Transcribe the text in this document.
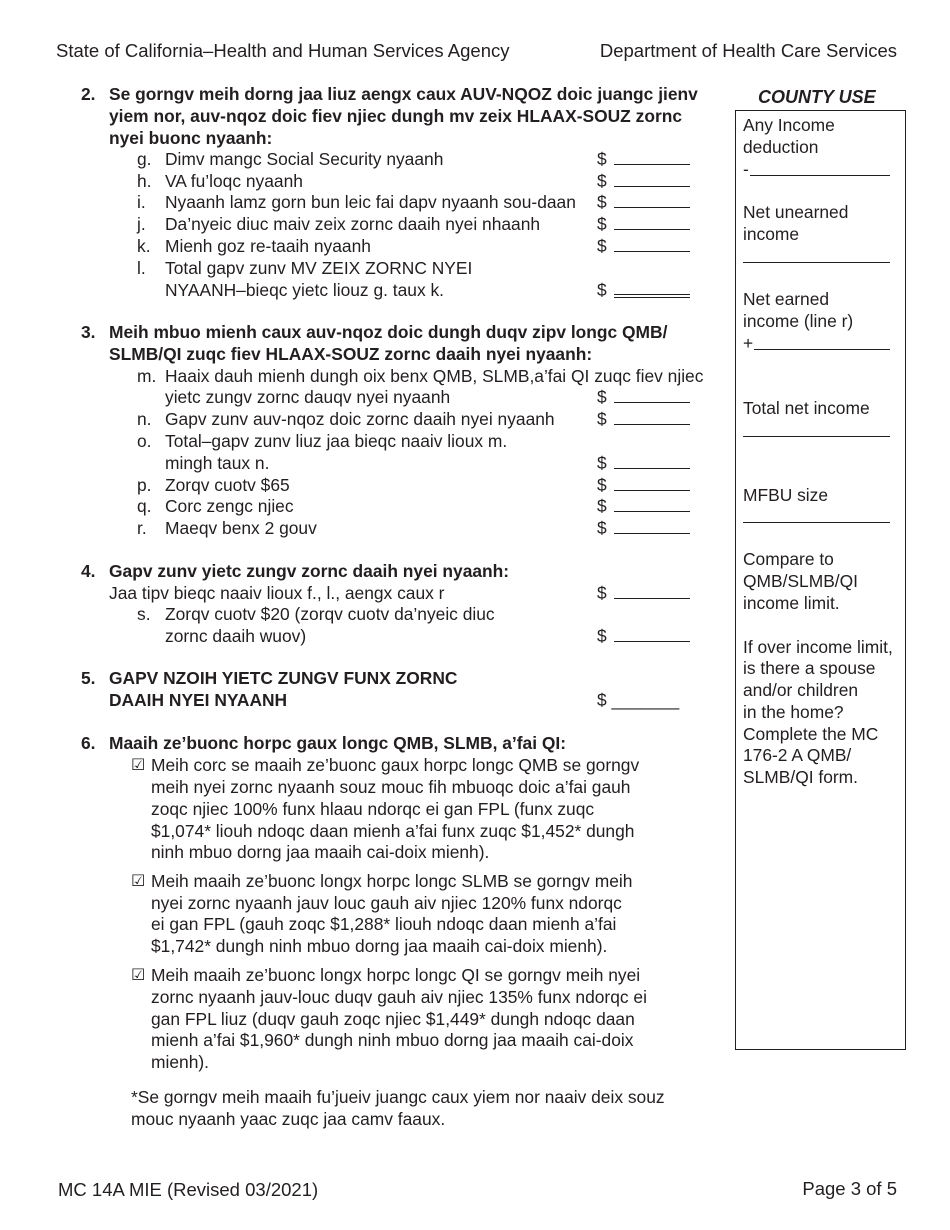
State of California–Health and Human Services Agency	Department of Health Care Services
2. Se gorngv meih dorng jaa liuz aengx caux AUV-NQOZ doic juangc jienv
yiem nor, auv-nqoz doic fiev njiec dungh mv zeix HLAAX-SOUZ zornc
nyei buonc nyaanh:
g. Dimv mangc Social Security nyaanh	$
h. VA fu’loqc nyaanh	$
i. Nyaanh lamz gorn bun leic fai dapv nyaanh sou-daan $
j. Da’nyeic diuc maiv zeix zornc daaih nyei nhaanh	$
k. Mienh goz re-taaih nyaanh	$
l. Total gapv zunv MV ZEIX ZORNC NYEI
NYAANH–bieqc yietc liouz g. taux k.	$
3. Meih mbuo mienh caux auv-nqoz doic dungh duqv zipv longc QMB/
SLMB/QI zuqc fiev HLAAX-SOUZ zornc daaih nyei nyaanh:
m. Haaix dauh mienh dungh oix benx QMB, SLMB,a’fai QI zuqc fiev njiec
yietc zungv zornc dauqv nyei nyaanh	$
n. Gapv zunv auv-nqoz doic zornc daaih nyei nyaanh $
o. Total–gapv zunv liuz jaa bieqc naaiv lioux m.
mingh taux n.	$
p. Zorqv cuotv $65	$
q. Corc zengc njiec	$
r. Maeqv benx 2 gouv	$
4. Gapv zunv yietc zungv zornc daaih nyei nyaanh:
Jaa tipv bieqc naaiv lioux f., l., aengx caux r	$
s. Zorqv cuotv $20 (zorqv cuotv da’nyeic diuc
zornc daaih wuov)	$
5. GAPV NZOIH YIETC ZUNGV FUNX ZORNC
DAAIH NYEI NYAANH	$ _______
6. Maaih ze’buonc horpc gaux longc QMB, SLMB, a’fai QI:
☑ Meih corc se maaih ze’buonc gaux horpc longc QMB se gorngv
meih nyei zornc nyaanh souz mouc fih mbuoqc doic a’fai gauh
zoqc njiec 100% funx hlaau ndorqc ei gan FPL (funx zuqc
$1,074* liouh ndoqc daan mienh a’fai funx zuqc $1,452* dungh
ninh mbuo dorng jaa maaih cai-doix mienh).
☑ Meih maaih ze’buonc longx horpc longc SLMB se gorngv meih
nyei zornc nyaanh jauv louc gauh aiv njiec 120% funx ndorqc
ei gan FPL (gauh zoqc $1,288* liouh ndoqc daan mienh a’fai
$1,742* dungh ninh mbuo dorng jaa maaih cai-doix mienh).
☑ Meih maaih ze’buonc longx horpc longc QI se gorngv meih nyei
zornc nyaanh jauv-louc duqv gauh aiv njiec 135% funx ndorqc ei
gan FPL liuz (duqv gauh zoqc njiec $1,449* dungh ndoqc daan
mienh a’fai $1,960* dungh ninh mbuo dorng jaa maaih cai-doix
mienh).
*Se gorngv meih maaih fu’jueiv juangc caux yiem nor naaiv deix souz
mouc nyaanh yaac zuqc jaa camv faaux.
COUNTY USE
Any Income
deduction
-
Net unearned
income
Net earned
income (line r)
+
Total net income
MFBU size
Compare to
QMB/SLMB/QI
income limit.
If over income limit,
is there a spouse
and/or children
in the home?
Complete the MC
176-2 A QMB/
SLMB/QI form.
MC 14A MIE (Revised 03/2021)	Page 3 of 5
